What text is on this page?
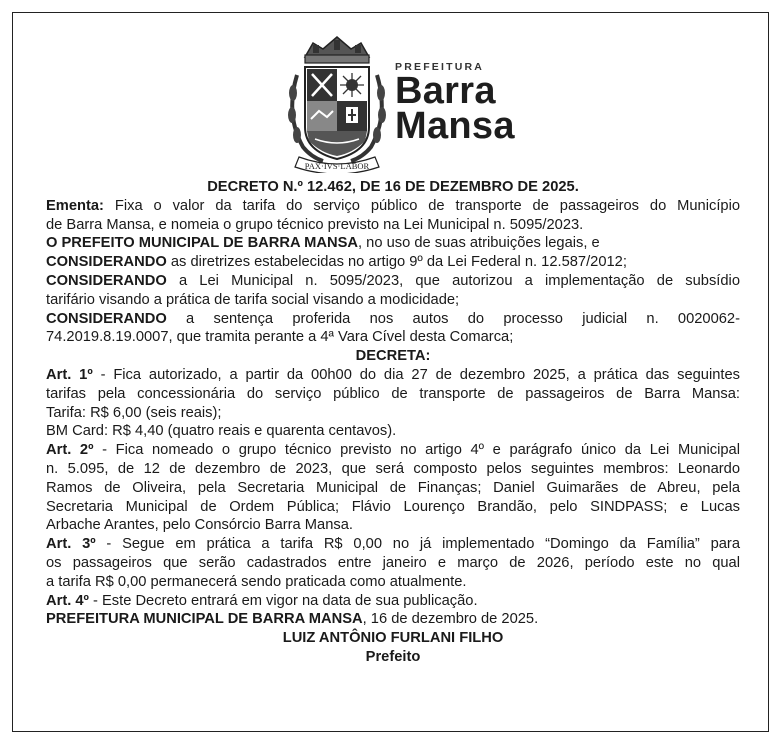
PAX·IVS·LABOR
PREFEITURA
Barra
Mansa
DECRETO N.º 12.462, DE 16 DE DEZEMBRO DE 2025.
Ementa: Fixa o valor da tarifa do serviço público de transporte de passageiros do Município
de Barra Mansa, e nomeia o grupo técnico previsto na Lei Municipal n. 5095/2023.
O PREFEITO MUNICIPAL DE BARRA MANSA, no uso de suas atribuições legais, e
CONSIDERANDO as diretrizes estabelecidas no artigo 9º da Lei Federal n. 12.587/2012;
CONSIDERANDO a Lei Municipal n. 5095/2023, que autorizou a implementação de subsídio
tarifário visando a prática de tarifa social visando a modicidade;
CONSIDERANDO a sentença proferida nos autos do processo judicial n. 0020062-
74.2019.8.19.0007, que tramita perante a 4ª Vara Cível desta Comarca;
DECRETA:
Art. 1º - Fica autorizado, a partir da 00h00 do dia 27 de dezembro 2025, a prática das seguintes
tarifas pela concessionária do serviço público de transporte de passageiros de Barra Mansa:
Tarifa: R$ 6,00 (seis reais);
BM Card: R$ 4,40 (quatro reais e quarenta centavos).
Art. 2º - Fica nomeado o grupo técnico previsto no artigo 4º e parágrafo único da Lei Municipal
n. 5.095, de 12 de dezembro de 2023, que será composto pelos seguintes membros: Leonardo
Ramos de Oliveira, pela Secretaria Municipal de Finanças; Daniel Guimarães de Abreu, pela
Secretaria Municipal de Ordem Pública; Flávio Lourenço Brandão, pelo SINDPASS; e Lucas
Arbache Arantes, pelo Consórcio Barra Mansa.
Art. 3º - Segue em prática a tarifa R$ 0,00 no já implementado “Domingo da Família” para
os passageiros que serão cadastrados entre janeiro e março de 2026, período este no qual
a tarifa R$ 0,00 permanecerá sendo praticada como atualmente.
Art. 4º - Este Decreto entrará em vigor na data de sua publicação.
PREFEITURA MUNICIPAL DE BARRA MANSA, 16 de dezembro de 2025.
LUIZ ANTÔNIO FURLANI FILHO
Prefeito
